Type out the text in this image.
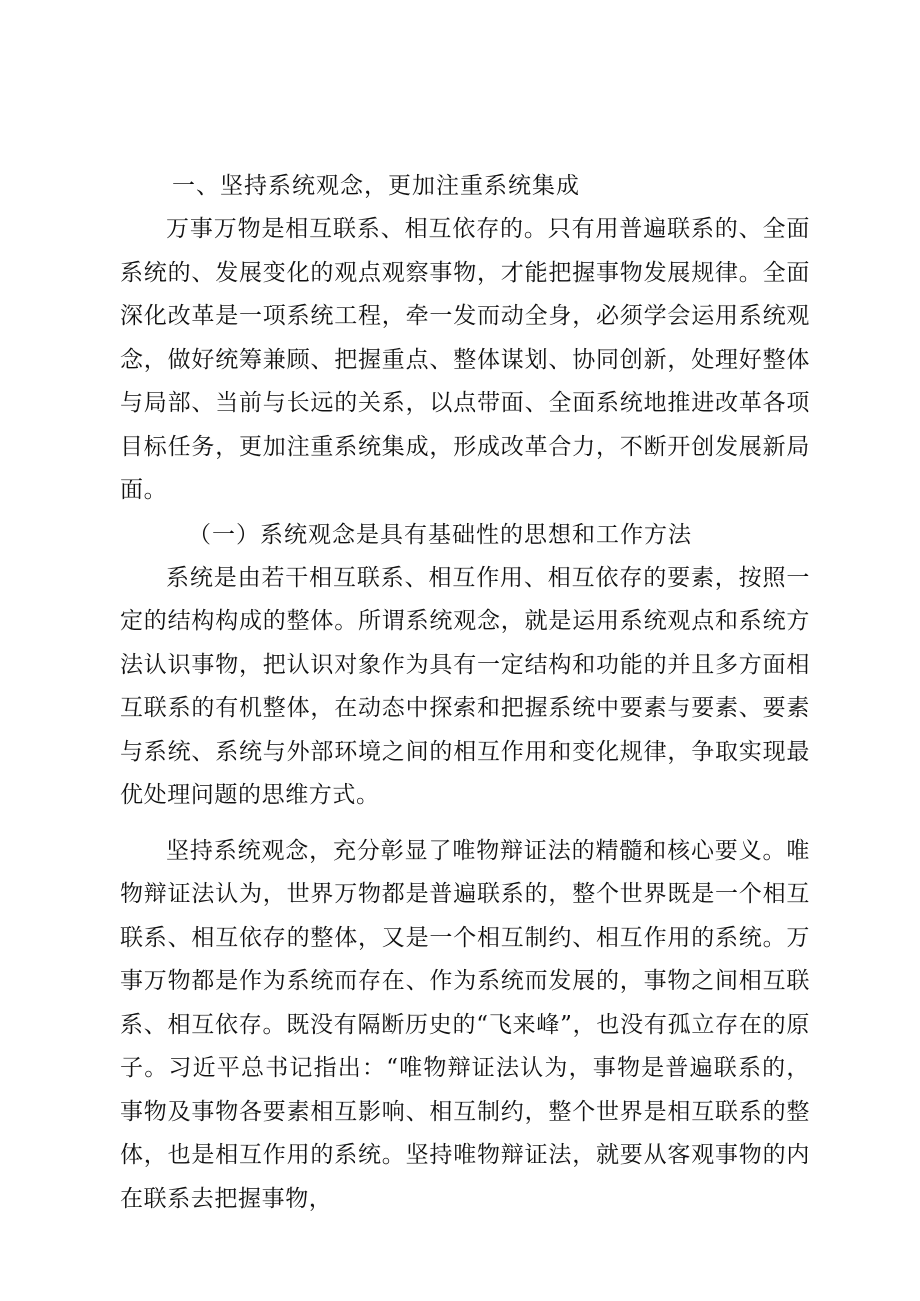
一、坚持系统观念，更加注重系统集成

万事万物是相互联系、相互依存的。只有用普遍联系的、全面系统的、发展变化的观点观察事物，才能把握事物发展规律。全面深化改革是一项系统工程，牵一发而动全身，必须学会运用系统观念，做好统筹兼顾、把握重点、整体谋划、协同创新，处理好整体与局部、当前与长远的关系，以点带面、全面系统地推进改革各项目标任务，更加注重系统集成，形成改革合力，不断开创发展新局面。

（一）系统观念是具有基础性的思想和工作方法

系统是由若干相互联系、相互作用、相互依存的要素，按照一定的结构构成的整体。所谓系统观念，就是运用系统观点和系统方法认识事物，把认识对象作为具有一定结构和功能的并且多方面相互联系的有机整体，在动态中探索和把握系统中要素与要素、要素与系统、系统与外部环境之间的相互作用和变化规律，争取实现最优处理问题的思维方式。

坚持系统观念，充分彰显了唯物辩证法的精髓和核心要义。唯物辩证法认为，世界万物都是普遍联系的，整个世界既是一个相互联系、相互依存的整体，又是一个相互制约、相互作用的系统。万事万物都是作为系统而存在、作为系统而发展的，事物之间相互联系、相互依存。既没有隔断历史的“飞来峰”，也没有孤立存在的原子。习近平总书记指出：“唯物辩证法认为，事物是普遍联系的，事物及事物各要素相互影响、相互制约，整个世界是相互联系的整体，也是相互作用的系统。坚持唯物辩证法，就要从客观事物的内在联系去把握事物，
